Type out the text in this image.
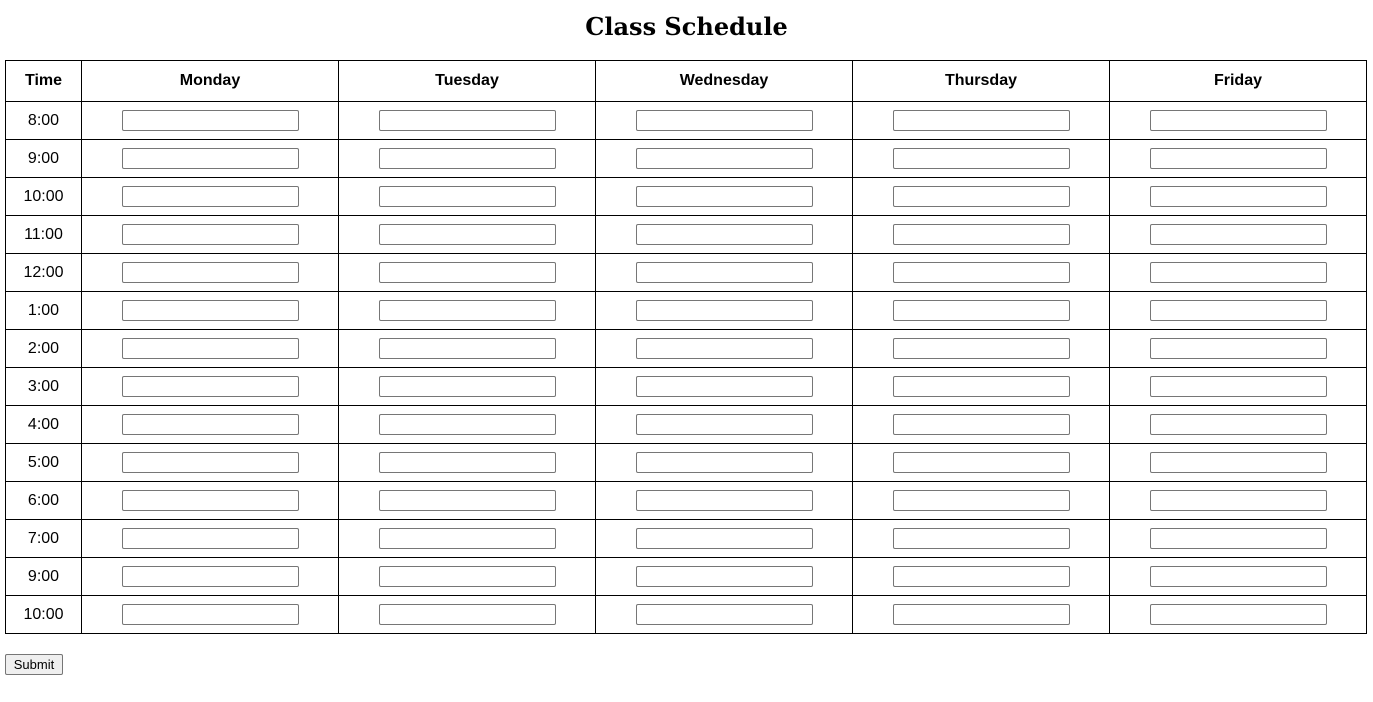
Class Schedule
Time	Monday	Tuesday	Wednesday	Thursday	Friday
8:00	

9:00	

10:00	

11:00	

12:00	

1:00	

2:00	

3:00	

4:00	

5:00	

6:00	

7:00	

9:00	

10:00	

Submit
